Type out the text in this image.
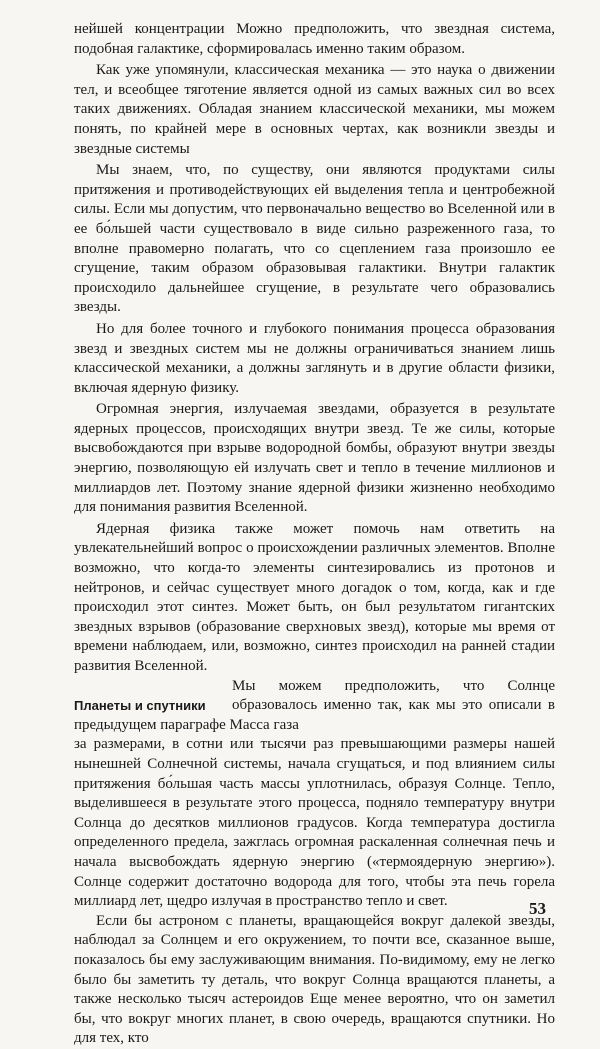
нейшей концентрации Можно предположить, что звездная система, подобная галактике, сформировалась именно таким образом.

Как уже упомянули, классическая механика — это наука о движении тел, и всеобщее тяготение является одной из самых важных сил во всех таких движениях. Обладая знанием классической механики, мы можем понять, по крайней мере в основных чертах, как возникли звезды и звездные системы

Мы знаем, что, по существу, они являются продуктами силы притяжения и противодействующих ей выделения тепла и центробежной силы. Если мы допустим, что первоначально вещество во Вселенной или в ее бо́льшей части существовало в виде сильно разреженного газа, то вполне правомерно полагать, что со сцеплением газа произошло ее сгущение, таким образом образовывая галактики. Внутри галактик происходило дальнейшее сгущение, в результате чего образовались звезды.

Но для более точного и глубокого понимания процесса образования звезд и звездных систем мы не должны ограничиваться знанием лишь классической механики, а должны заглянуть и в другие области физики, включая ядерную физику.

Огромная энергия, излучаемая звездами, образуется в результате ядерных процессов, происходящих внутри звезд. Те же силы, которые высвобождаются при взрыве водородной бомбы, образуют внутри звезды энергию, позволяющую ей излучать свет и тепло в течение миллионов и миллиардов лет. Поэтому знание ядерной физики жизненно необходимо для понимания развития Вселенной.

Ядерная физика также может помочь нам ответить на увлекательнейший вопрос о происхождении различных элементов. Вполне возможно, что когда-то элементы синтезировались из протонов и нейтронов, и сейчас существует много догадок о том, когда, как и где происходил этот синтез. Может быть, он был результатом гигантских звездных взрывов (образование сверхновых звезд), которые мы время от времени наблюдаем, или, возможно, синтез происходил на ранней стадии развития Вселенной.

Планеты и спутники

Мы можем предположить, что Солнце образовалось именно так, как мы это описали в предыдущем параграфе Масса газа

за размерами, в сотни или тысячи раз превышающими размеры нашей нынешней Солнечной системы, начала сгущаться, и под влиянием силы притяжения бо́льшая часть массы уплотнилась, образуя Солнце. Тепло, выделившееся в результате этого процесса, подняло температуру внутри Солнца до десятков миллионов градусов. Когда температура достигла определенного предела, зажглась огромная раскаленная солнечная печь и начала высвобождать ядерную энергию («термоядерную энергию»). Солнце содержит достаточно водорода для того, чтобы эта печь горела миллиард лет, щедро излучая в пространство тепло и свет.

Если бы астроном с планеты, вращающейся вокруг далекой звезды, наблюдал за Солнцем и его окружением, то почти все, сказанное выше, показалось бы ему заслуживающим внимания. По-видимому, ему не легко было бы заметить ту деталь, что вокруг Солнца вращаются планеты, а также несколько тысяч астероидов Еще менее вероятно, что он заметил бы, что вокруг многих планет, в свою очередь, вращаются спутники. Но для тех, кто

53
